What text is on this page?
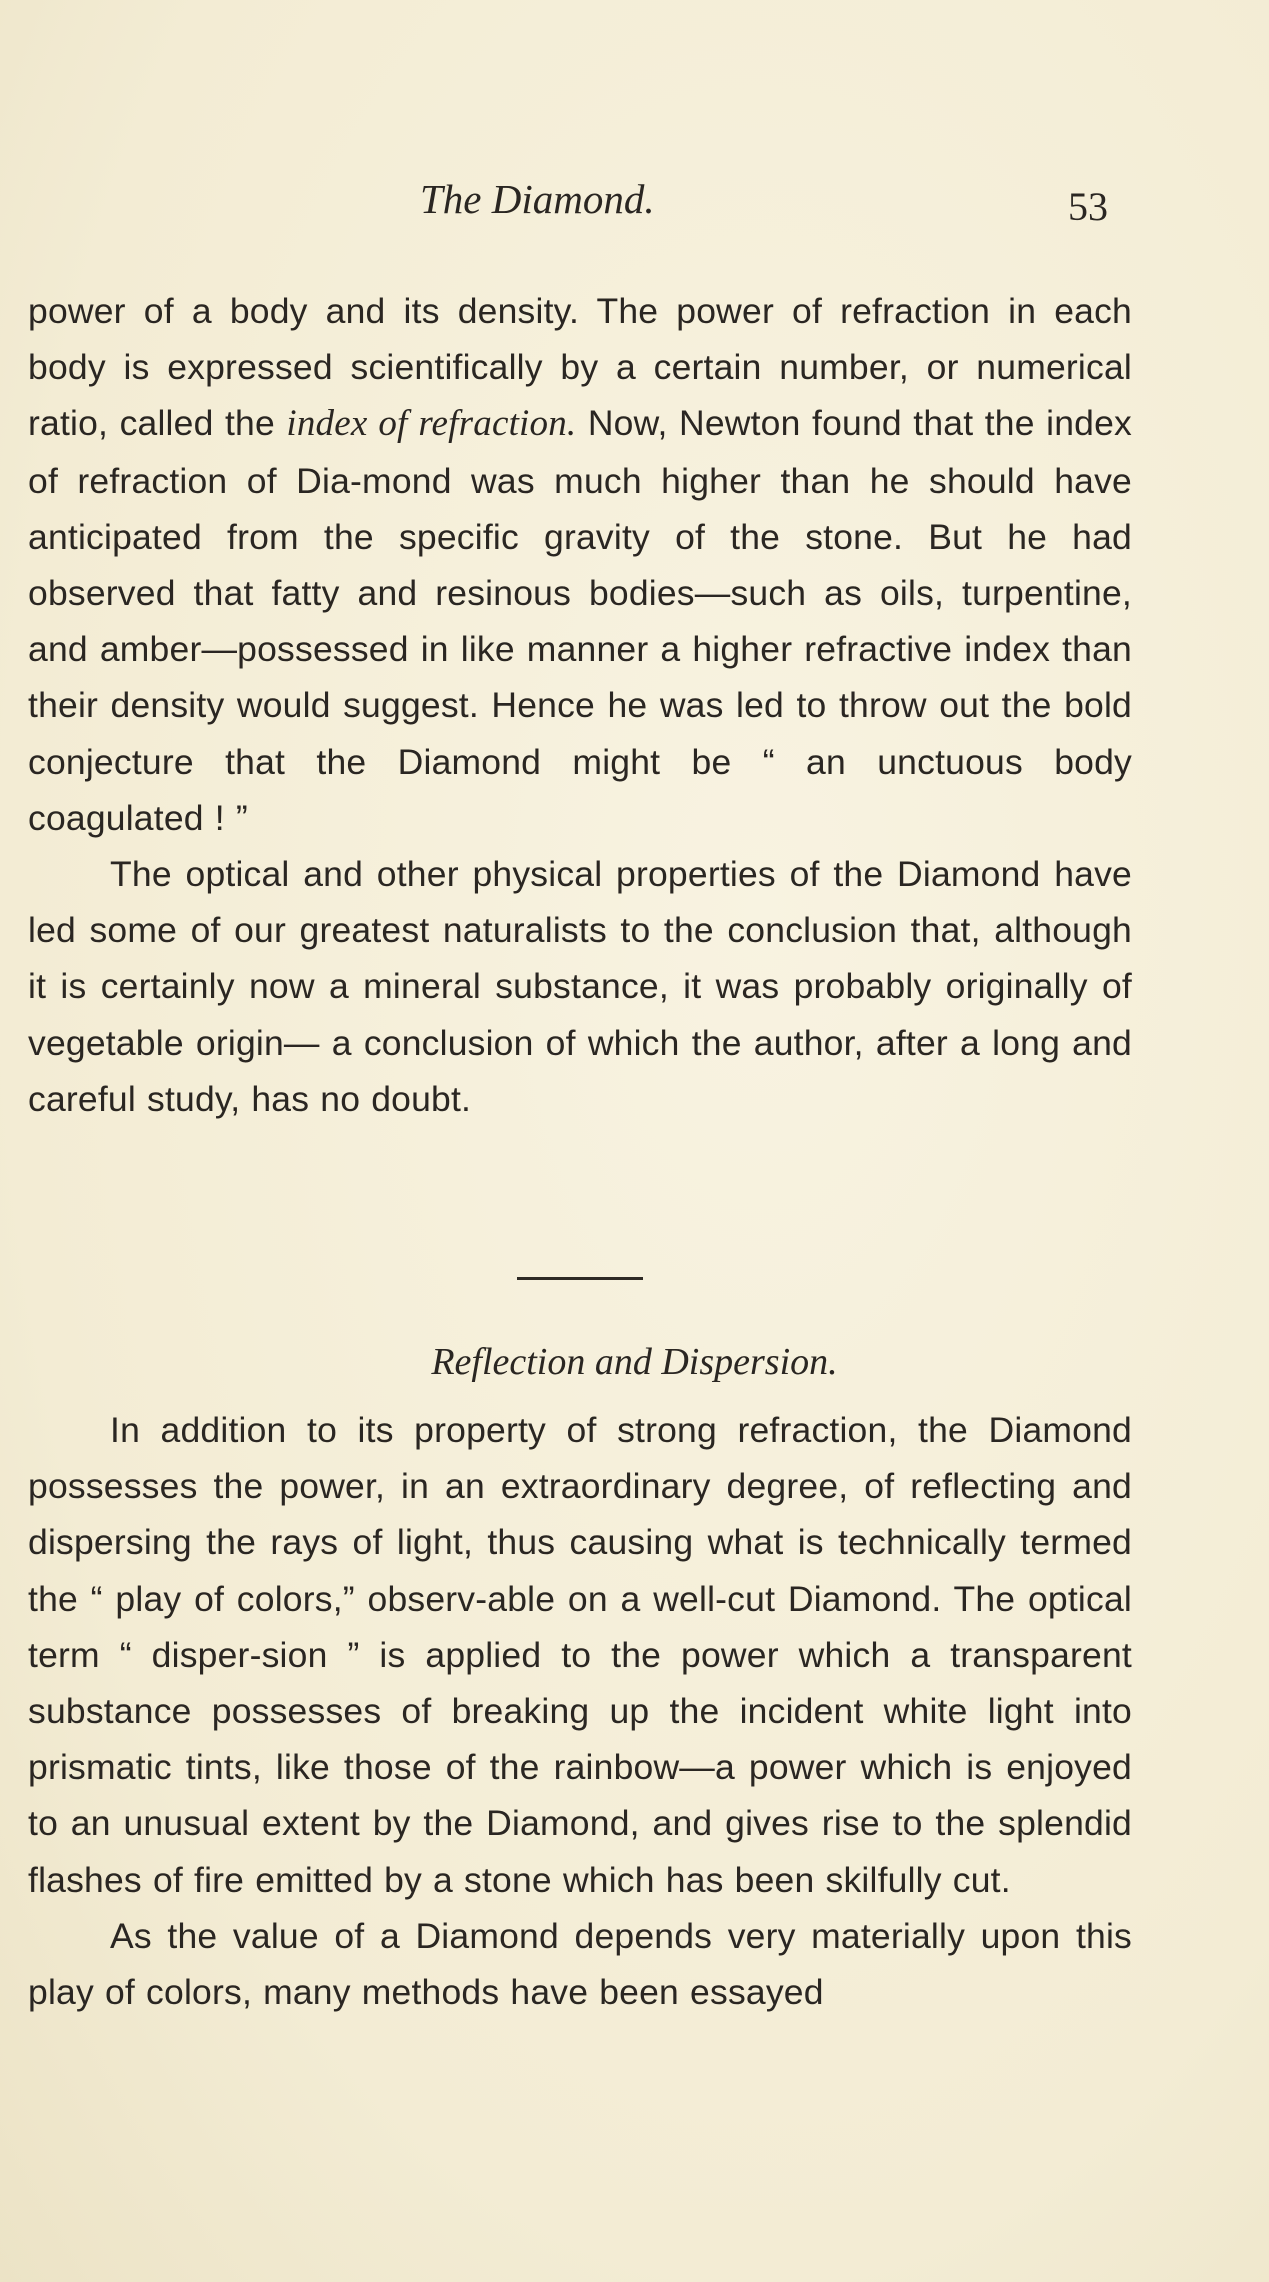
The Diamond.	53

power of a body and its density. The power of refraction in each body is expressed scientifically by a certain number, or numerical ratio, called the index of refraction. Now, Newton found that the index of refraction of Dia-mond was much higher than he should have anticipated from the specific gravity of the stone. But he had observed that fatty and resinous bodies—such as oils, turpentine, and amber—possessed in like manner a higher refractive index than their density would suggest. Hence he was led to throw out the bold conjecture that the Diamond might be “ an unctuous body coagulated ! ”

The optical and other physical properties of the Diamond have led some of our greatest naturalists to the conclusion that, although it is certainly now a mineral substance, it was probably originally of vegetable origin— a conclusion of which the author, after a long and careful study, has no doubt.

Reflection and Dispersion.

In addition to its property of strong refraction, the Diamond possesses the power, in an extraordinary degree, of reflecting and dispersing the rays of light, thus causing what is technically termed the “ play of colors,” observ-able on a well-cut Diamond. The optical term “ disper-sion ” is applied to the power which a transparent substance possesses of breaking up the incident white light into prismatic tints, like those of the rainbow—a power which is enjoyed to an unusual extent by the Diamond, and gives rise to the splendid flashes of fire emitted by a stone which has been skilfully cut.

As the value of a Diamond depends very materially upon this play of colors, many methods have been essayed
